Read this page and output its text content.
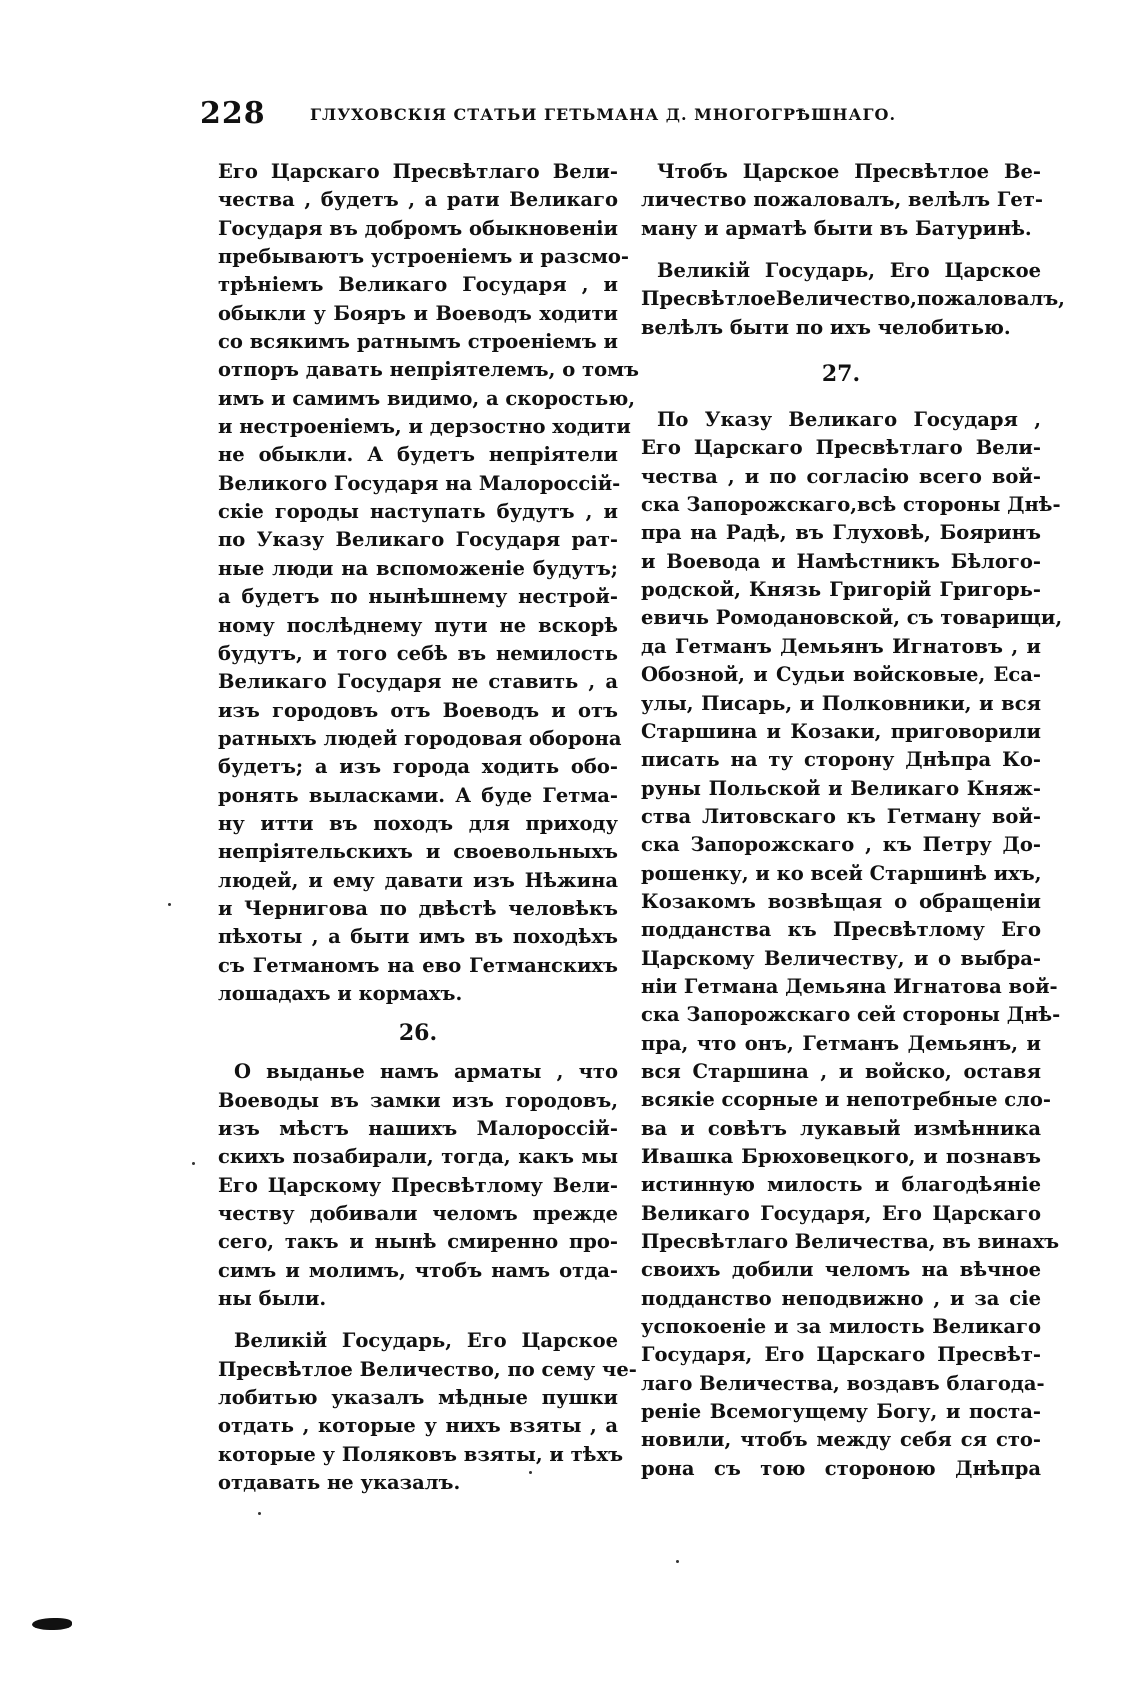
228	ГЛУХОВСКІЯ СТАТЬИ ГЕТЬМАНА Д. МНОГОГРѢШНАГО.
Его Царскаго Пресвѣтлаго Вели-
чества , будетъ , а рати Великаго
Государя въ добромъ обыкновеніи
пребываютъ устроеніемъ и разсмо-
трѣніемъ Великаго Государя , и
обыкли у Бояръ и Воеводъ ходити
со всякимъ ратнымъ строеніемъ и
отпоръ давать непріятелемъ, о томъ
имъ и самимъ видимо, а скоростью,
и нестроеніемъ, и дерзостно ходити
не обыкли. А будетъ непріятели
Великого Государя на Малороссій-
скіе городы наступать будутъ , и
по Указу Великаго Государя рат-
ные люди на вспоможеніе будутъ;
а будетъ по нынѣшнему нестрой-
ному послѣднему пути не вскорѣ
будутъ, и того себѣ въ немилость
Великаго Государя не ставить , а
изъ городовъ отъ Воеводъ и отъ
ратныхъ людей городовая оборона
будетъ; а изъ города ходить обо-
ронять выласками. А буде Гетма-
ну итти въ походъ для приходу
непріятельскихъ и своевольныхъ
людей, и ему давати изъ Нѣжина
и Чернигова по двѣстѣ человѣкъ
пѣхоты , а быти имъ въ походѣхъ
съ Гетманомъ на ево Гетманскихъ
лошадахъ и кормахъ.
26.
О выданье намъ арматы , что
Воеводы въ замки изъ городовъ,
изъ мѣстъ нашихъ Малороссій-
скихъ позабирали, тогда, какъ мы
Его Царскому Пресвѣтлому Вели-
честву добивали челомъ прежде
сего, такъ и нынѣ смиренно про-
симъ и молимъ, чтобъ намъ отда-
ны были.
Великій Государь, Его Царское
Пресвѣтлое Величество, по сему че-
лобитью указалъ мѣдные пушки
отдать , которые у нихъ взяты , а
которые у Поляковъ взяты, и тѣхъ
отдавать не указалъ.
Чтобъ Царское Пресвѣтлое Ве-
личество пожаловалъ, велѣлъ Гет-
ману и арматѣ быти въ Батуринѣ.
Великій Государь, Его Царское
ПресвѣтлоеВеличество,пожаловалъ,
велѣлъ быти по ихъ челобитью.
27.
По Указу Великаго Государя ,
Его Царскаго Пресвѣтлаго Вели-
чества , и по согласію всего вой-
ска Запорожскаго,всѣ стороны Днѣ-
пра на Радѣ, въ Глуховѣ, Бояринъ
и Воевода и Намѣстникъ Бѣлого-
родской, Князь Григорій Григорь-
евичь Ромодановской, съ товарищи,
да Гетманъ Демьянъ Игнатовъ , и
Обозной, и Судьи войсковые, Еса-
улы, Писарь, и Полковники, и вся
Старшина и Козаки, приговорили
писать на ту сторону Днѣпра Ко-
руны Польской и Великаго Княж-
ства Литовскаго къ Гетману вой-
ска Запорожскаго , къ Петру До-
рошенку, и ко всей Старшинѣ ихъ,
Козакомъ возвѣщая о обращеніи
подданства къ Пресвѣтлому Его
Царскому Величеству, и о выбра-
ніи Гетмана Демьяна Игнатова вой-
ска Запорожскаго сей стороны Днѣ-
пра, что онъ, Гетманъ Демьянъ, и
вся Старшина , и войско, оставя
всякіе ссорные и непотребные сло-
ва и совѣтъ лукавый измѣнника
Ивашка Брюховецкого, и познавъ
истинную милость и благодѣяніе
Великаго Государя, Его Царскаго
Пресвѣтлаго Величества, въ винахъ
своихъ добили челомъ на вѣчное
подданство неподвижно , и за сіе
успокоеніе и за милость Великаго
Государя, Его Царскаго Пресвѣт-
лаго Величества, воздавъ благода-
реніе Всемогущему Богу, и поста-
новили, чтобъ между себя ся сто-
рона съ тою стороною Днѣпра
